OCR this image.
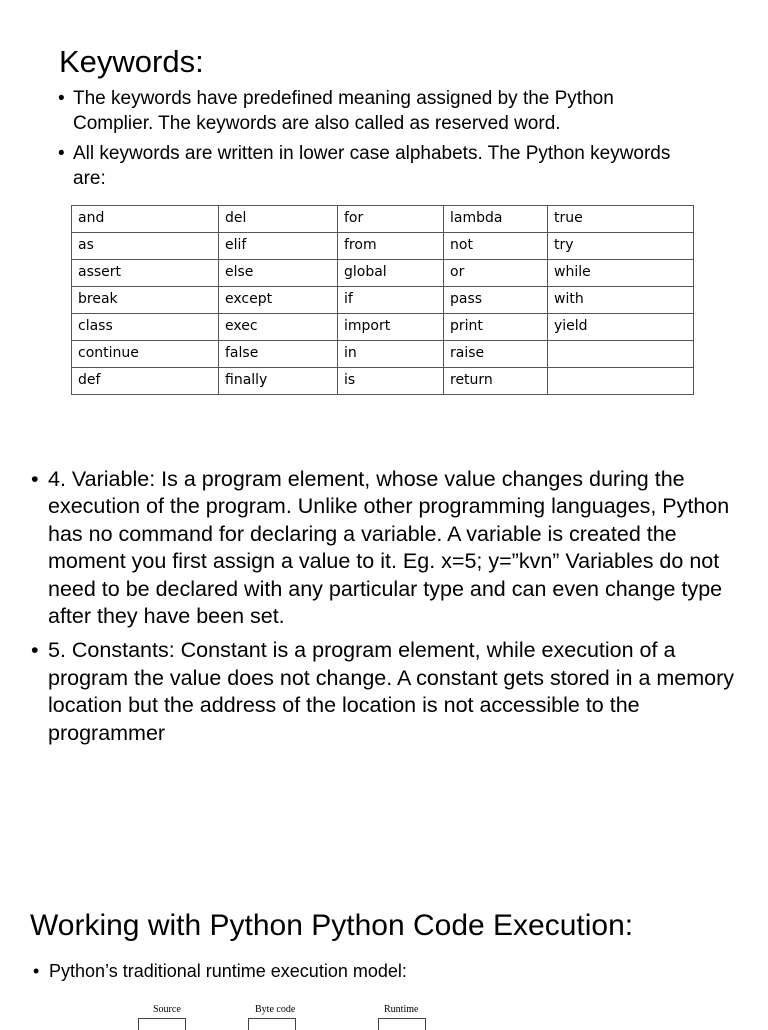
Keywords:
• The keywords have predefined meaning assigned by the Python Complier. The keywords are also called as reserved word.
• All keywords are written in lower case alphabets. The Python keywords are:
and	del	for	lambda	true
as	elif	from	not	try
assert	else	global	or	while
break	except	if	pass	with
class	exec	import	print	yield
continue	false	in	raise	
def	finally	is	return	
• 4. Variable: Is a program element, whose value changes during the execution of the program. Unlike other programming languages, Python has no command for declaring a variable. A variable is created the moment you first assign a value to it. Eg. x=5; y=”kvn” Variables do not need to be declared with any particular type and can even change type after they have been set.
• 5. Constants: Constant is a program element, while execution of a program the value does not change. A constant gets stored in a memory location but the address of the location is not accessible to the programmer
Working with Python Python Code Execution:
• Python’s traditional runtime execution model:
Source	Byte code	Runtime
